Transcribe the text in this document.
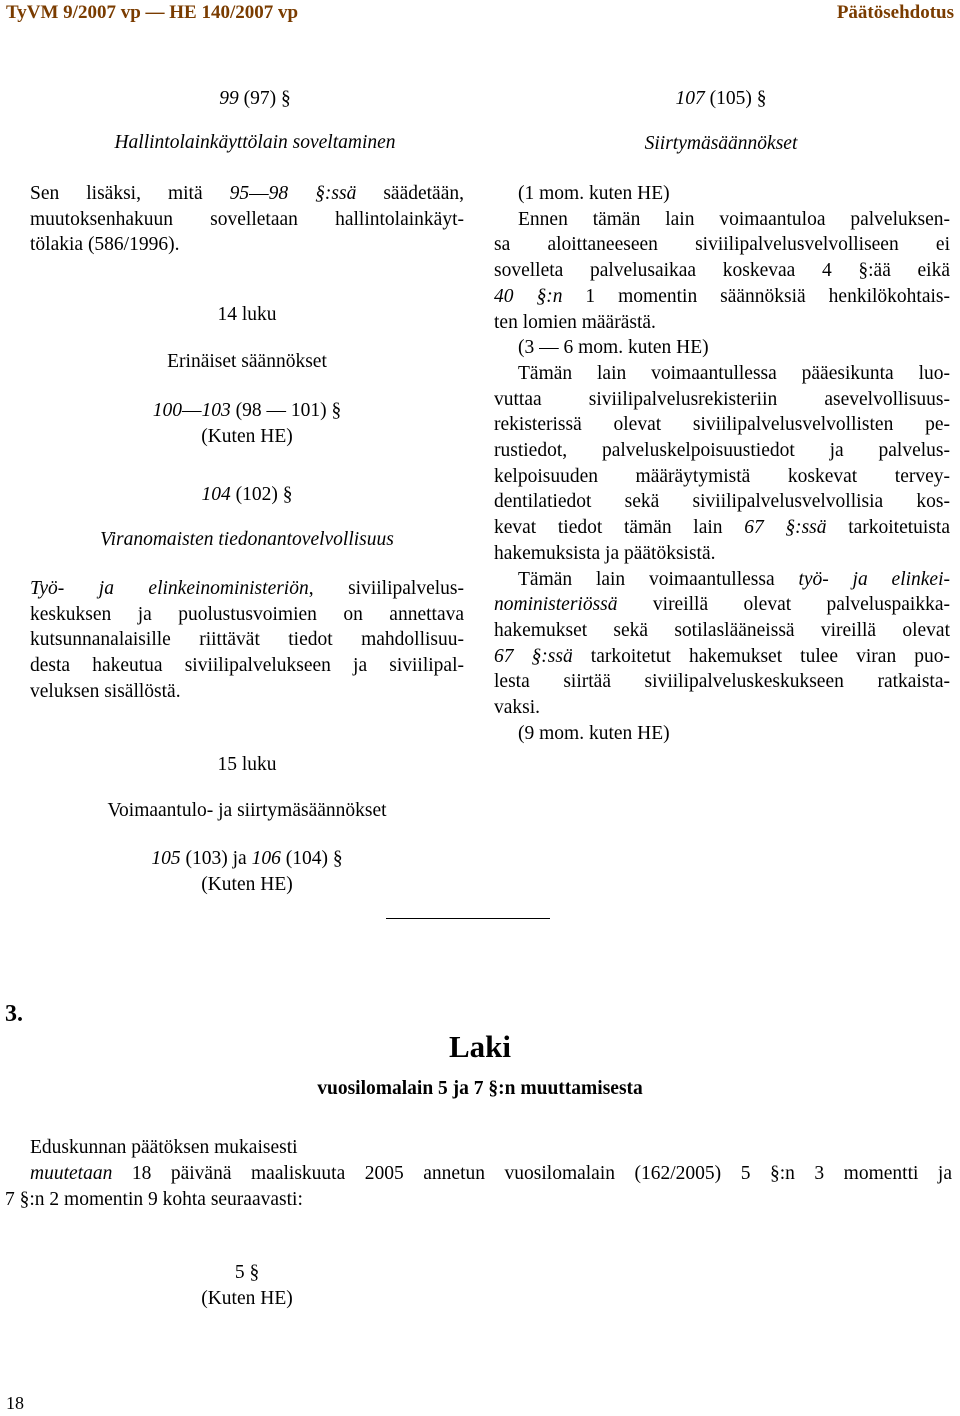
TyVM 9/2007 vp — HE 140/2007 vp	Päätösehdotus
99 (97) §
Hallintolainkäyttölain soveltaminen
Sen lisäksi, mitä 95—98 §:ssä säädetään,
muutoksenhakuun sovelletaan hallintolainkäyt-
tölakia (586/1996).
14 luku
Erinäiset säännökset
100—103 (98 — 101) §
(Kuten HE)
104 (102) §
Viranomaisten tiedonantovelvollisuus
Työ- ja elinkeinoministeriön, siviilipalvelus-
keskuksen ja puolustusvoimien on annettava
kutsunnanalaisille riittävät tiedot mahdollisuu-
desta hakeutua siviilipalvelukseen ja siviilipal-
veluksen sisällöstä.
15 luku
Voimaantulo- ja siirtymäsäännökset
105 (103) ja 106 (104) §
(Kuten HE)
107 (105) §
Siirtymäsäännökset
(1 mom. kuten HE)
Ennen tämän lain voimaantuloa palveluksen-
sa aloittaneeseen siviilipalvelusvelvolliseen ei
sovelleta palvelusaikaa koskevaa 4 §:ää eikä
40 §:n 1 momentin säännöksiä henkilökohtais-
ten lomien määrästä.
(3 — 6 mom. kuten HE)
Tämän lain voimaantullessa pääesikunta luo-
vuttaa siviilipalvelusrekisteriin asevelvollisuus-
rekisterissä olevat siviilipalvelusvelvollisten pe-
rustiedot, palveluskelpoisuustiedot ja palvelus-
kelpoisuuden määräytymistä koskevat tervey-
dentilatiedot sekä siviilipalvelusvelvollisia kos-
kevat tiedot tämän lain 67 §:ssä tarkoitetuista
hakemuksista ja päätöksistä.
Tämän lain voimaantullessa työ- ja elinkei-
noministeriössä vireillä olevat palveluspaikka-
hakemukset sekä sotilaslääneissä vireillä olevat
67 §:ssä tarkoitetut hakemukset tulee viran puo-
lesta siirtää siviilipalveluskeskukseen ratkaista-
vaksi.
(9 mom. kuten HE)
3.
Laki
vuosilomalain 5 ja 7 §:n muuttamisesta
Eduskunnan päätöksen mukaisesti
muutetaan 18 päivänä maaliskuuta 2005 annetun vuosilomalain (162/2005) 5 §:n 3 momentti ja
7 §:n 2 momentin 9 kohta seuraavasti:
5 §
(Kuten HE)
18
